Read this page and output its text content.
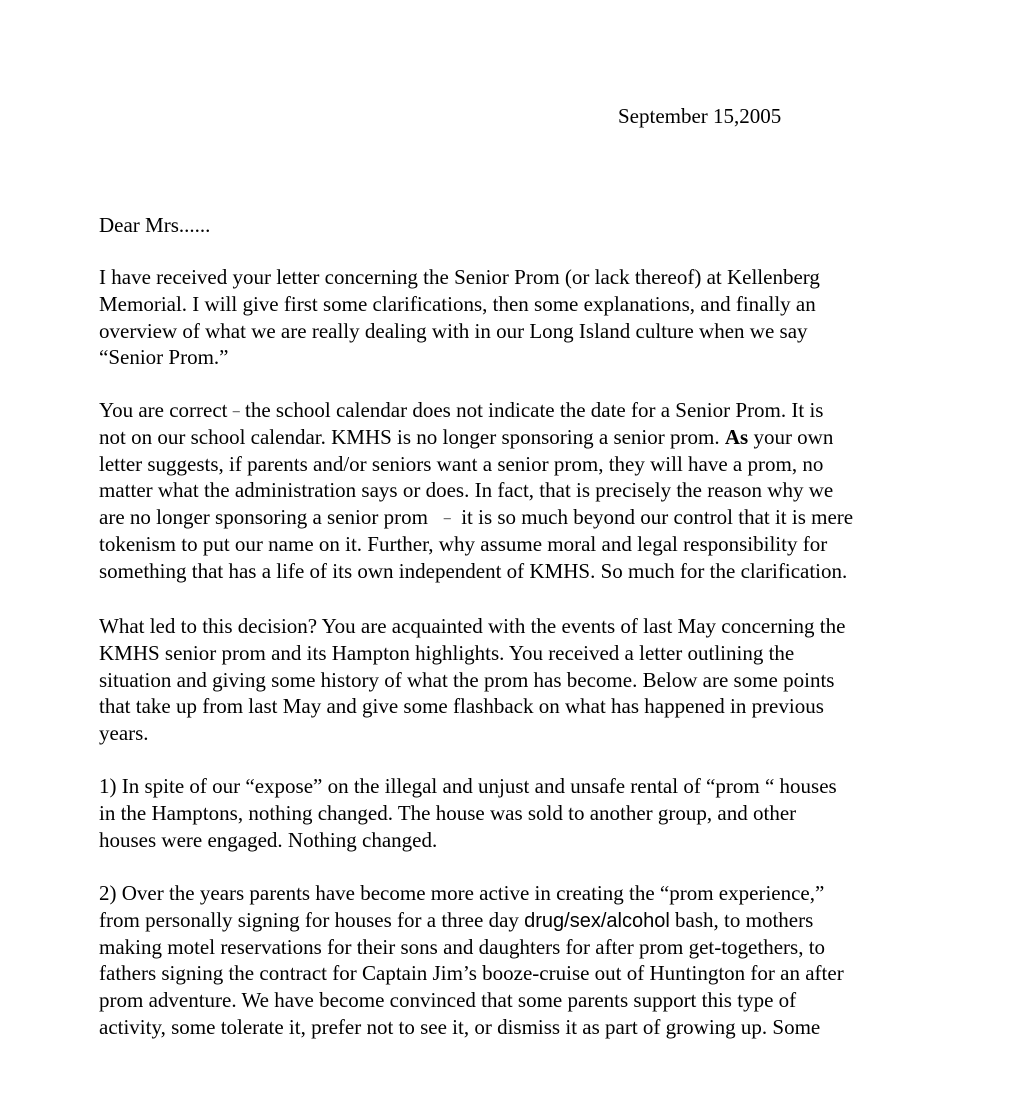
September 15,2005
Dear Mrs......
I have received your letter concerning the Senior Prom (or lack thereof) at Kellenberg
Memorial. I will give first some clarifications, then some explanations, and finally an
overview of what we are really dealing with in our Long Island culture when we say
“Senior Prom.”
You are correct – the school calendar does not indicate the date for a Senior Prom. It is
not on our school calendar. KMHS is no longer sponsoring a senior prom. As your own
letter suggests, if parents and/or seniors want a senior prom, they will have a prom, no
matter what the administration says or does. In fact, that is precisely the reason why we
are no longer sponsoring a senior prom – it is so much beyond our control that it is mere
tokenism to put our name on it. Further, why assume moral and legal responsibility for
something that has a life of its own independent of KMHS. So much for the clarification.
What led to this decision? You are acquainted with the events of last May concerning the
KMHS senior prom and its Hampton highlights. You received a letter outlining the
situation and giving some history of what the prom has become. Below are some points
that take up from last May and give some flashback on what has happened in previous
years.
1) In spite of our “expose” on the illegal and unjust and unsafe rental of “prom “ houses
in the Hamptons, nothing changed. The house was sold to another group, and other
houses were engaged. Nothing changed.
2) Over the years parents have become more active in creating the “prom experience,”
from personally signing for houses for a three day drug/sex/alcohol bash, to mothers
making motel reservations for their sons and daughters for after prom get-togethers, to
fathers signing the contract for Captain Jim’s booze-cruise out of Huntington for an after
prom adventure. We have become convinced that some parents support this type of
activity, some tolerate it, prefer not to see it, or dismiss it as part of growing up. Some
